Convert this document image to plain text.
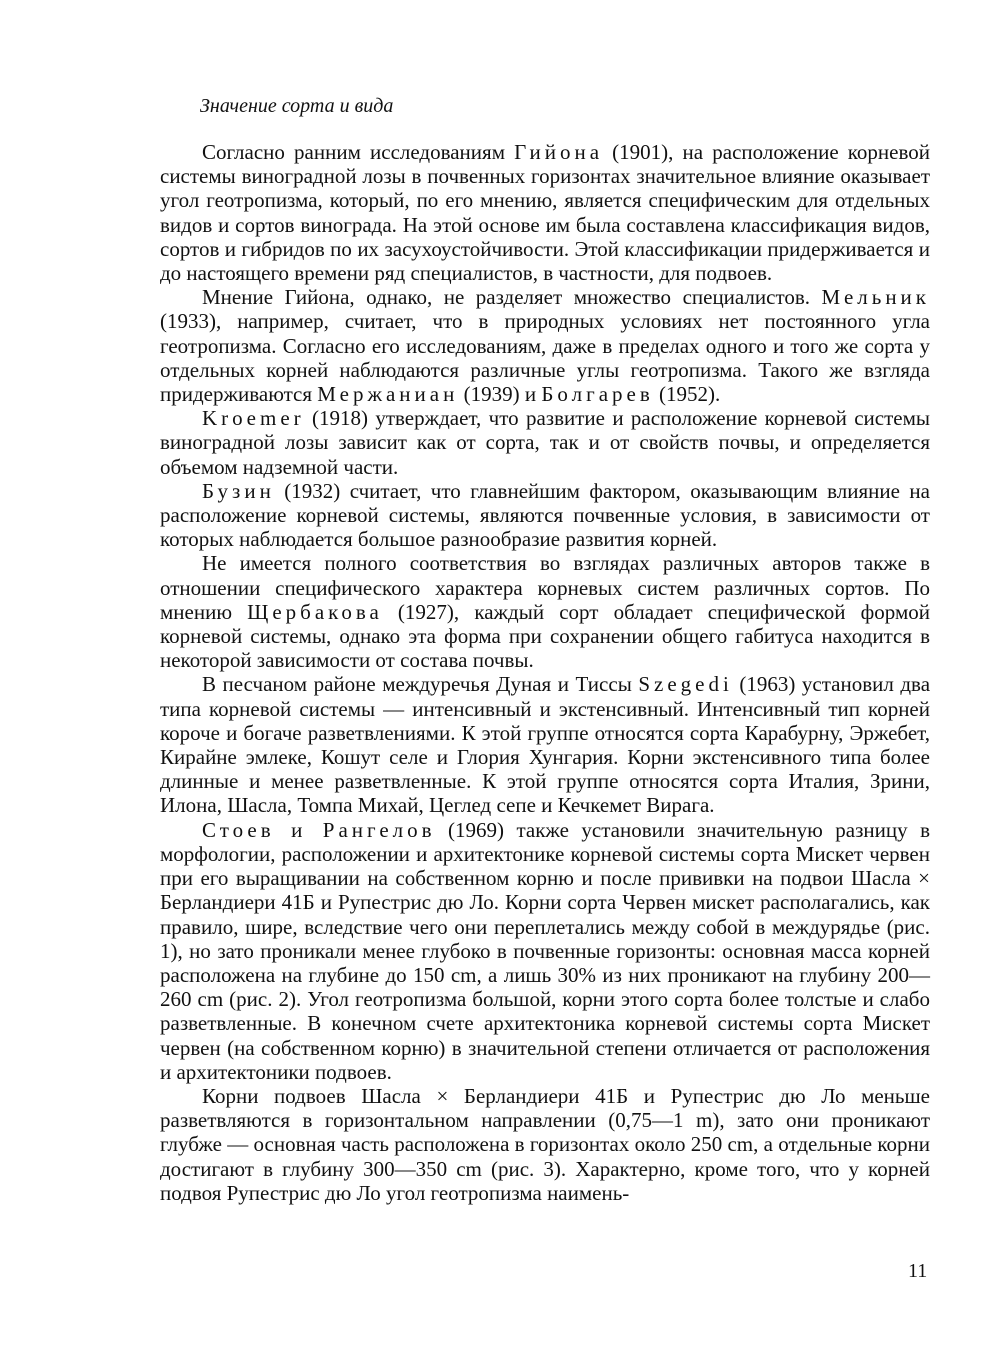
Значение сорта и вида

Согласно ранним исследованиям Гийона (1901), на расположение корневой системы виноградной лозы в почвенных горизонтах значительное влияние оказывает угол геотропизма, который, по его мнению, является специфическим для отдельных видов и сортов винограда. На этой основе им была составлена классификация видов, сортов и гибридов по их засухоустойчивости. Этой классификации придерживается и до настоящего времени ряд специалистов, в частности, для подвоев.

Мнение Гийона, однако, не разделяет множество специалистов. Мельник (1933), например, считает, что в природных условиях нет постоянного угла геотропизма. Согласно его исследованиям, даже в пределах одного и того же сорта у отдельных корней наблюдаются различные углы геотропизма. Такого же взгляда придерживаются Мержаниан (1939) и Болгарев (1952).

Kroemer (1918) утверждает, что развитие и расположение корневой системы виноградной лозы зависит как от сорта, так и от свойств почвы, и определяется объемом надземной части.

Бузин (1932) считает, что главнейшим фактором, оказывающим влияние на расположение корневой системы, являются почвенные условия, в зависимости от которых наблюдается большое разнообразие развития корней.

Не имеется полного соответствия во взглядах различных авторов также в отношении специфического характера корневых систем различных сортов. По мнению Щербакова (1927), каждый сорт обладает специфической формой корневой системы, однако эта форма при сохранении общего габитуса находится в некоторой зависимости от состава почвы.

В песчаном районе междуречья Дуная и Тиссы Szegedi (1963) установил два типа корневой системы — интенсивный и экстенсивный. Интенсивный тип корней короче и богаче разветвлениями. К этой группе относятся сорта Карабурну, Эржебет, Кирайне эмлеке, Кошут селе и Глория Хунгария. Корни экстенсивного типа более длинные и менее разветвленные. К этой группе относятся сорта Италия, Зрини, Илона, Шасла, Томпа Михай, Цеглед сепе и Кечкемет Вирага.

Стоев и Рангелов (1969) также установили значительную разницу в морфологии, расположении и архитектонике корневой системы сорта Мискет червен при его выращивании на собственном корню и после прививки на подвои Шасла × Берландиери 41Б и Рупестрис дю Ло. Корни сорта Червен мискет располагались, как правило, шире, вследствие чего они переплетались между собой в междурядье (рис. 1), но зато проникали менее глубоко в почвенные горизонты: основная масса корней расположена на глубине до 150 cm, а лишь 30% из них проникают на глубину 200—260 cm (рис. 2). Угол геотропизма большой, корни этого сорта более толстые и слабо разветвленные. В конечном счете архитектоника корневой системы сорта Мискет червен (на собственном корню) в значительной степени отличается от расположения и архитектоники подвоев.

Корни подвоев Шасла × Берландиери 41Б и Рупестрис дю Ло меньше разветвляются в горизонтальном направлении (0,75—1 m), зато они проникают глубже — основная часть расположена в горизонтах около 250 cm, а отдельные корни достигают в глубину 300—350 cm (рис. 3). Характерно, кроме того, что у корней подвоя Рупестрис дю Ло угол геотропизма наимень-

11
